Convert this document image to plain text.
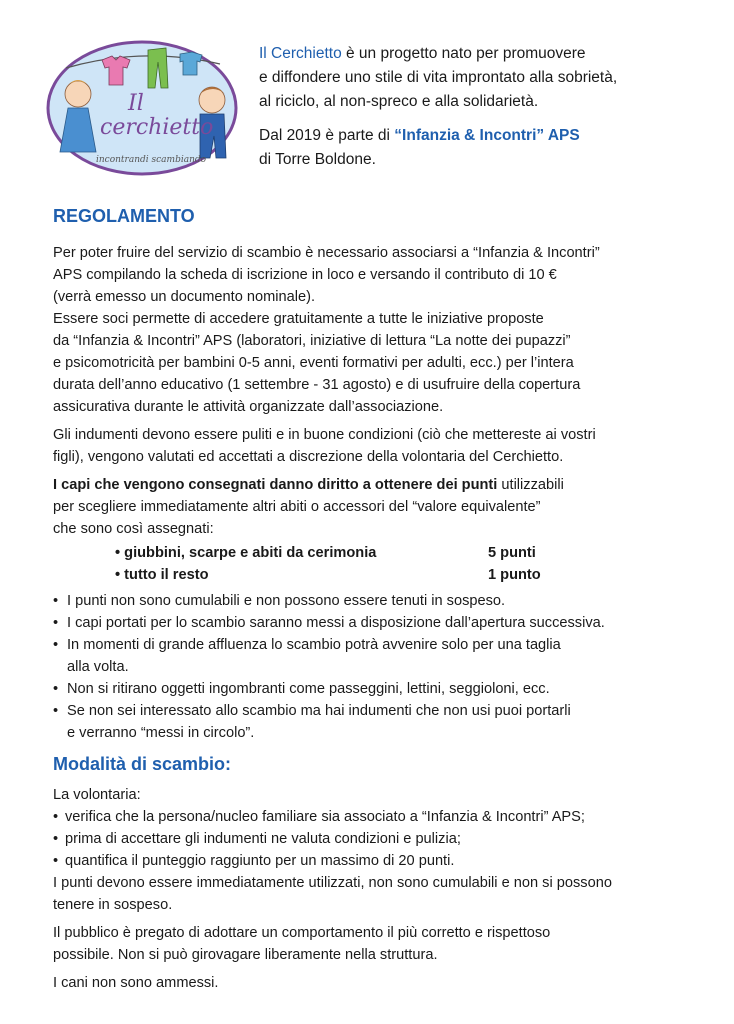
Il
cerchietto
incontrandi scambiando

Il Cerchietto è un progetto nato per promuovere
e diffondere uno stile di vita improntato alla sobrietà,
al riciclo, al non-spreco e alla solidarietà.

Dal 2019 è parte di “Infanzia & Incontri” APS
di Torre Boldone.

REGOLAMENTO

Per poter fruire del servizio di scambio è necessario associarsi a “Infanzia & Incontri”
APS compilando la scheda di iscrizione in loco e versando il contributo di 10 €
(verrà emesso un documento nominale).
Essere soci permette di accedere gratuitamente a tutte le iniziative proposte
da “Infanzia & Incontri” APS (laboratori, iniziative di lettura “La notte dei pupazzi”
e psicomotricità per bambini 0-5 anni, eventi formativi per adulti, ecc.) per l’intera
durata dell’anno educativo (1 settembre - 31 agosto) e di usufruire della copertura
assicurativa durante le attività organizzate dall’associazione.

Gli indumenti devono essere puliti e in buone condizioni (ciò che mettereste ai vostri
figli), vengono valutati ed accettati a discrezione della volontaria del Cerchietto.

I capi che vengono consegnati danno diritto a ottenere dei punti utilizzabili
per scegliere immediatamente altri abiti o accessori del “valore equivalente”
che sono così assegnati:

• giubbini, scarpe e abiti da cerimonia	5 punti
• tutto il resto	1 punto
• I punti non sono cumulabili e non possono essere tenuti in sospeso.
• I capi portati per lo scambio saranno messi a disposizione dall’apertura successiva.
• In momenti di grande affluenza lo scambio potrà avvenire solo per una taglia
alla volta.
• Non si ritirano oggetti ingombranti come passeggini, lettini, seggioloni, ecc.
• Se non sei interessato allo scambio ma hai indumenti che non usi puoi portarli
e verranno “messi in circolo”.
Modalità di scambio:

La volontaria:

• verifica che la persona/nucleo familiare sia associato a “Infanzia & Incontri” APS;
• prima di accettare gli indumenti ne valuta condizioni e pulizia;
• quantifica il punteggio raggiunto per un massimo di 20 punti.

I punti devono essere immediatamente utilizzati, non sono cumulabili e non si possono
tenere in sospeso.

Il pubblico è pregato di adottare un comportamento il più corretto e rispettoso
possibile. Non si può girovagare liberamente nella struttura.

I cani non sono ammessi.
